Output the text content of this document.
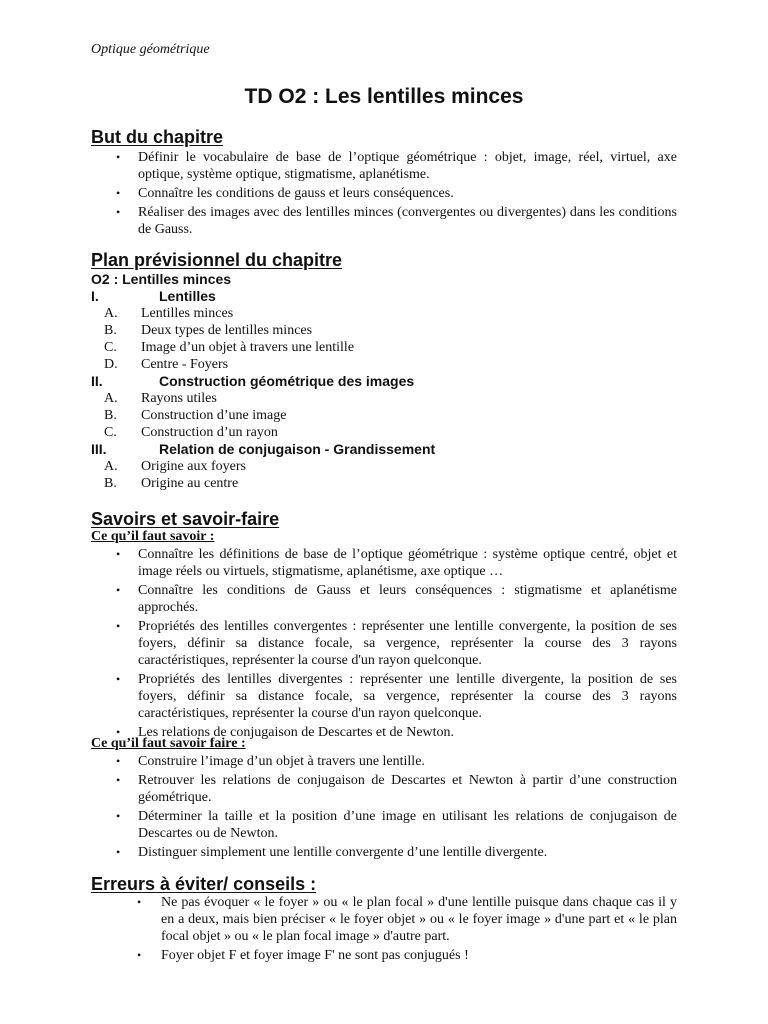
Optique géométrique
TD O2 : Les lentilles minces
But du chapitre
• Définir le vocabulaire de base de l’optique géométrique : objet, image, réel, virtuel, axe optique, système optique, stigmatisme, aplanétisme.
• Connaître les conditions de gauss et leurs conséquences.
• Réaliser des images avec des lentilles minces (convergentes ou divergentes) dans les conditions de Gauss.
Plan prévisionnel du chapitre
O2 : Lentilles minces
I.	Lentilles
A. Lentilles minces
B. Deux types de lentilles minces
C. Image d’un objet à travers une lentille
D. Centre - Foyers
II.	Construction géométrique des images
A. Rayons utiles
B. Construction d’une image
C. Construction d’un rayon
III.	Relation de conjugaison - Grandissement
A. Origine aux foyers
B. Origine au centre
Savoirs et savoir-faire
Ce qu’il faut savoir :
• Connaître les définitions de base de l’optique géométrique : système optique centré, objet et image réels ou virtuels, stigmatisme, aplanétisme, axe optique …
• Connaître les conditions de Gauss et leurs conséquences : stigmatisme et aplanétisme approchés.
• Propriétés des lentilles convergentes : représenter une lentille convergente, la position de ses foyers, définir sa distance focale, sa vergence, représenter la course des 3 rayons caractéristiques, représenter la course d'un rayon quelconque.
• Propriétés des lentilles divergentes : représenter une lentille divergente, la position de ses foyers, définir sa distance focale, sa vergence, représenter la course des 3 rayons caractéristiques, représenter la course d'un rayon quelconque.
• Les relations de conjugaison de Descartes et de Newton.
Ce qu’il faut savoir faire :
• Construire l’image d’un objet à travers une lentille.
• Retrouver les relations de conjugaison de Descartes et Newton à partir d’une construction géométrique.
• Déterminer la taille et la position d’une image en utilisant les relations de conjugaison de Descartes ou de Newton.
• Distinguer simplement une lentille convergente d’une lentille divergente.
Erreurs à éviter/ conseils :
• Ne pas évoquer « le foyer » ou « le plan focal » d'une lentille puisque dans chaque cas il y en a deux, mais bien préciser « le foyer objet » ou « le foyer image » d'une part et « le plan focal objet » ou « le plan focal image » d'autre part.
• Foyer objet F et foyer image F' ne sont pas conjugués !
